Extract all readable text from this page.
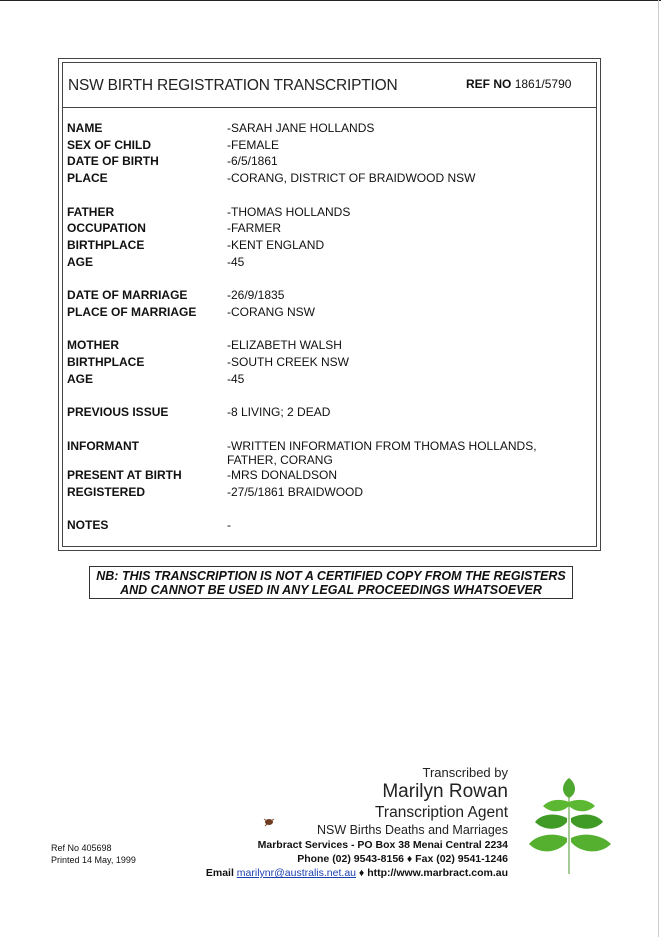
NSW BIRTH REGISTRATION TRANSCRIPTION	REF NO 1861/5790
NAME	-SARAH JANE HOLLANDS
SEX OF CHILD	-FEMALE
DATE OF BIRTH	-6/5/1861
PLACE	-CORANG, DISTRICT OF BRAIDWOOD NSW
FATHER	-THOMAS HOLLANDS
OCCUPATION	-FARMER
BIRTHPLACE	-KENT ENGLAND
AGE	-45
DATE OF MARRIAGE	-26/9/1835
PLACE OF MARRIAGE	-CORANG NSW
MOTHER	-ELIZABETH WALSH
BIRTHPLACE	-SOUTH CREEK NSW
AGE	-45
PREVIOUS ISSUE	-8 LIVING; 2 DEAD
INFORMANT	-WRITTEN INFORMATION FROM THOMAS HOLLANDS, FATHER, CORANG
PRESENT AT BIRTH	-MRS DONALDSON
REGISTERED	-27/5/1861 BRAIDWOOD
NOTES	-
NB: THIS TRANSCRIPTION IS NOT A CERTIFIED COPY FROM THE REGISTERS
AND CANNOT BE USED IN ANY LEGAL PROCEEDINGS WHATSOEVER
Ref No 405698
Printed 14 May, 1999
Transcribed by
Marilyn Rowan
Transcription Agent
NSW Births Deaths and Marriages
Marbract Services - PO Box 38 Menai Central 2234
Phone (02) 9543-8156 ♦ Fax (02) 9541-1246
Email marilynr@australis.net.au ♦ http://www.marbract.com.au
